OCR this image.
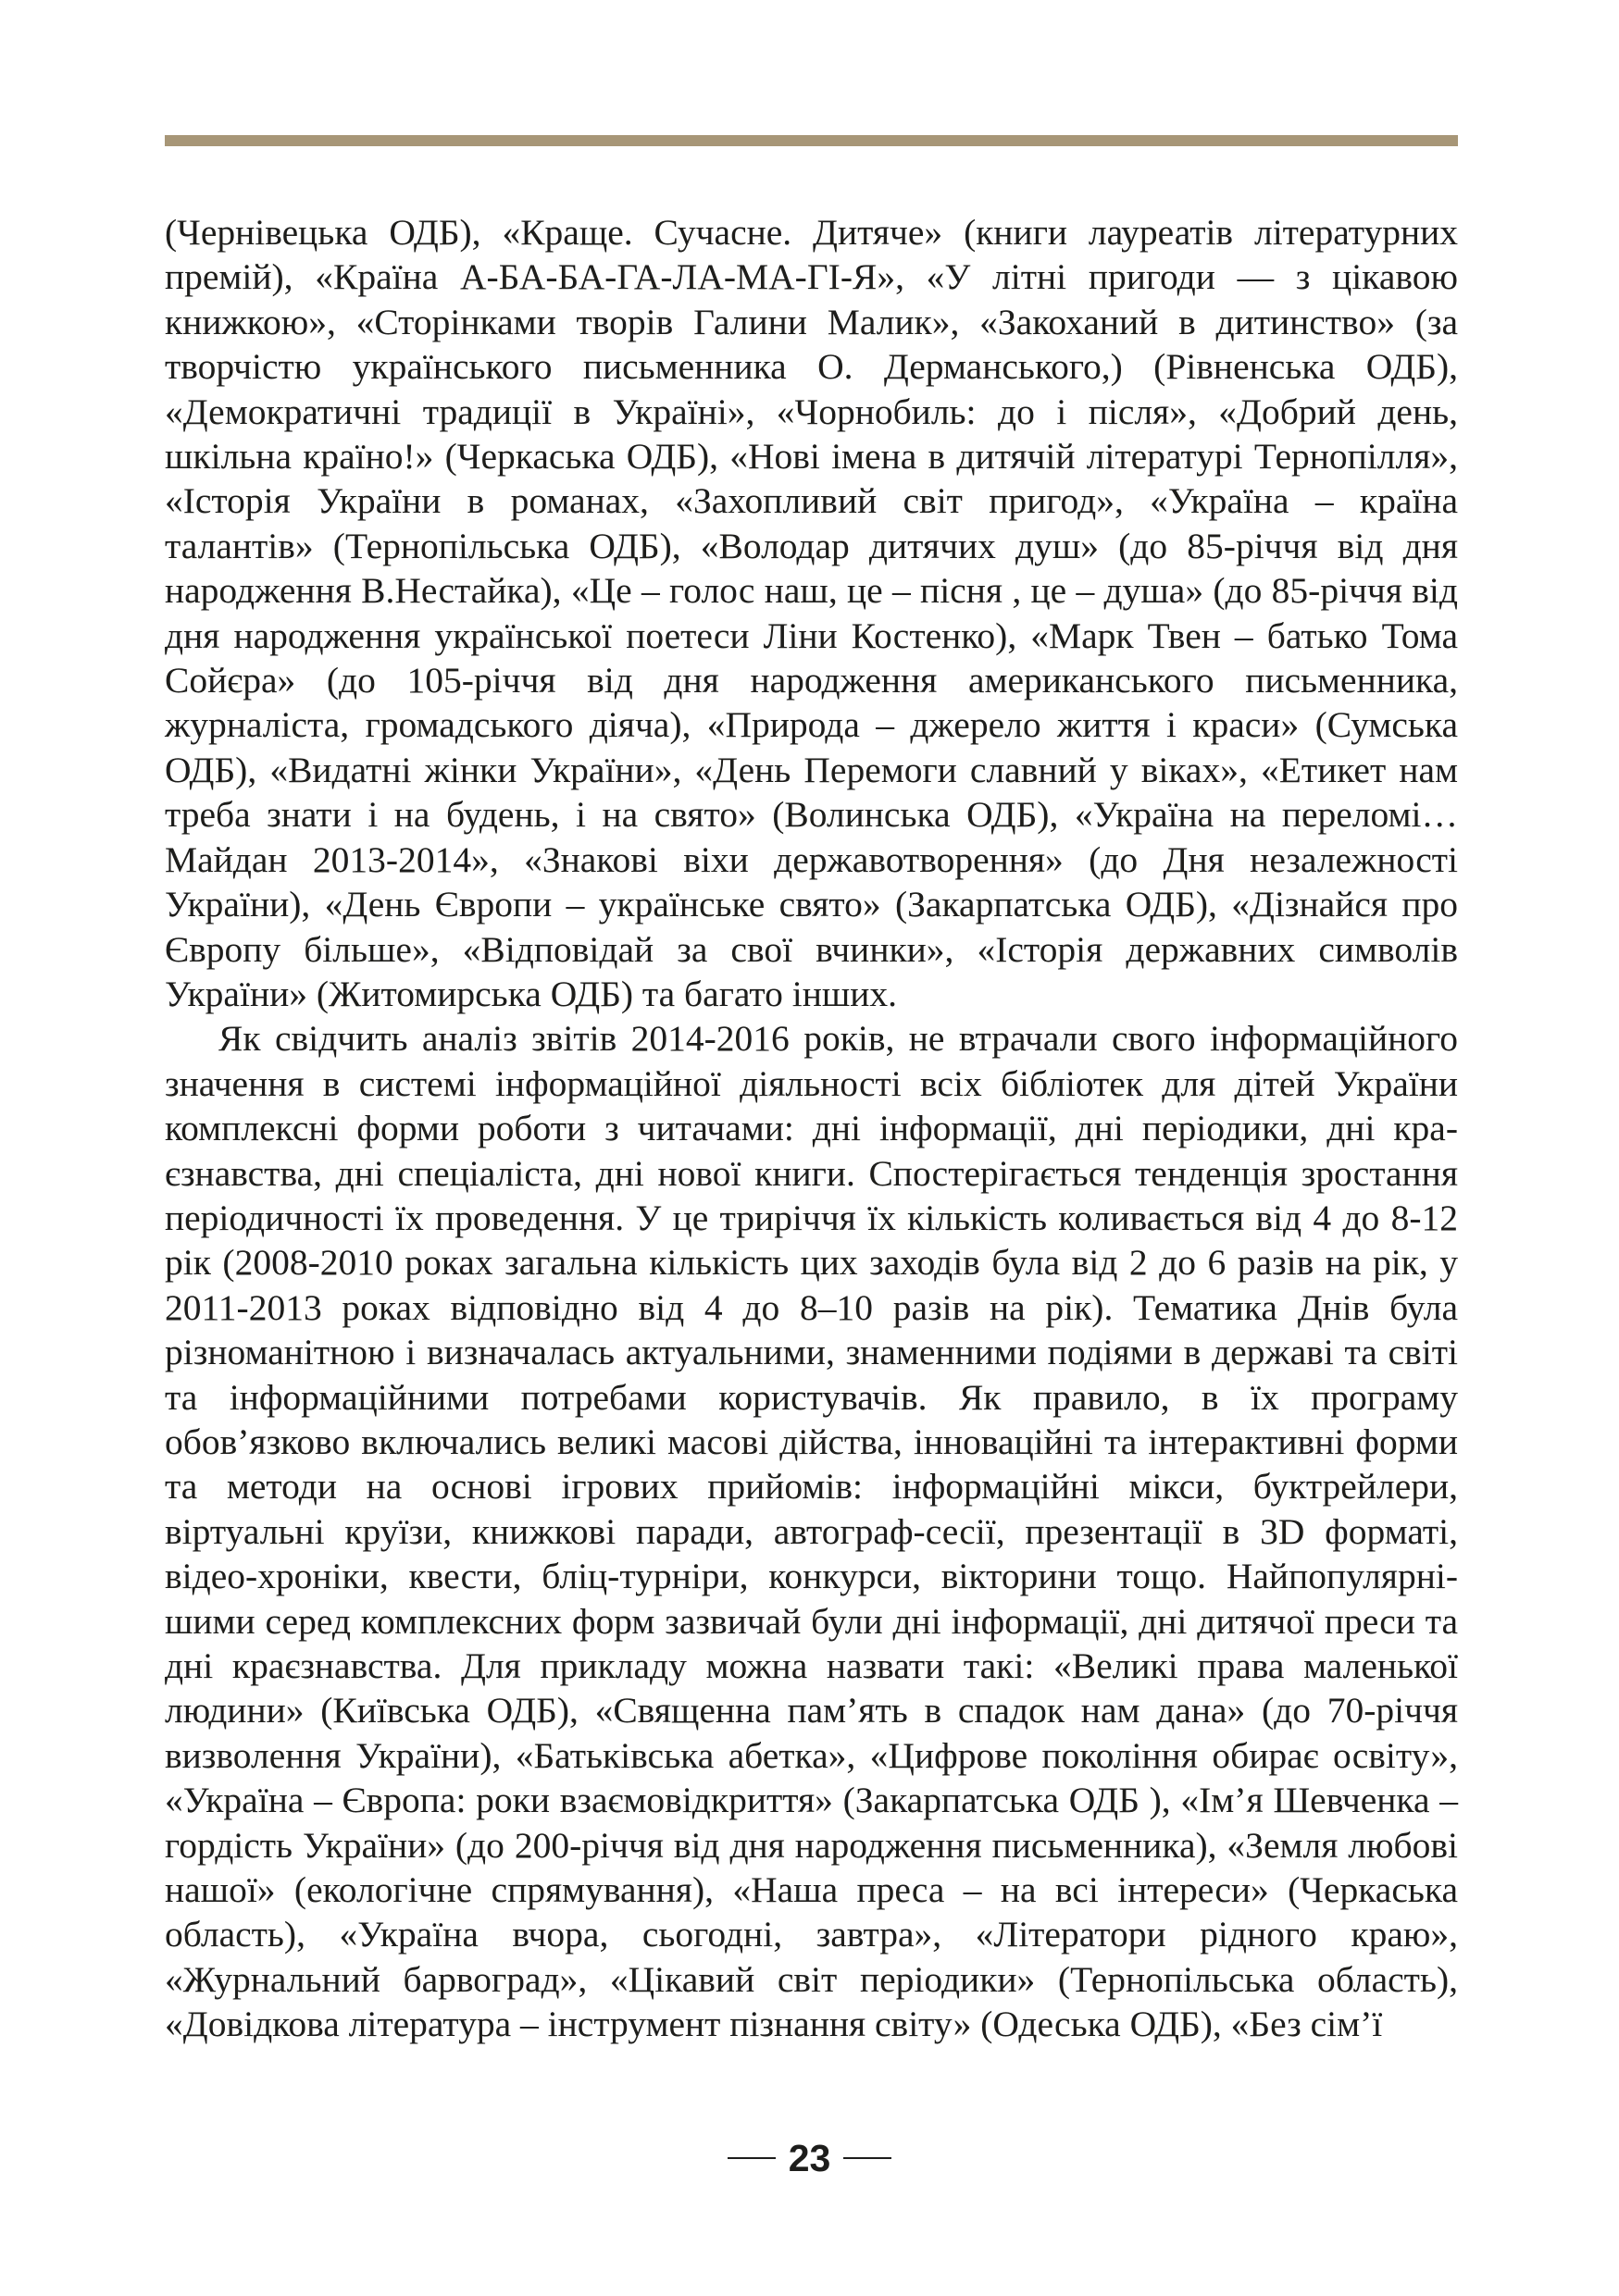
(Чернівецька ОДБ), «Краще. Сучасне. Дитяче» (книги лауреатів літературних премій), «Країна А-БА-БА-ГА-ЛА-МА-ГІ-Я», «У літні пригоди — з цікавою книжкою», «Сторінками творів Галини Малик», «Закоханий в дитинство» (за творчістю українського письменника О. Дерманського,) (Рівненська ОДБ), «Демократичні традиції в Україні», «Чорнобиль: до і після», «Добрий день, шкільна країно!» (Черкаська ОДБ), «Нові імена в дитячій літературі Тернопілля», «Історія України в романах, «Захопливий світ пригод», «Україна – країна талантів» (Тернопільська ОДБ), «Володар дитячих душ» (до 85-річчя від дня народження В.Нестайка), «Це – голос наш, це – пісня , це – душа» (до 85-річчя від дня народження української поетеси Ліни Костенко), «Марк Твен – батько Тома Сойєра» (до 105-річчя від дня народження американського письменника, журналіста, громадського діяча), «Природа – джерело життя і краси» (Сумська ОДБ), «Видатні жінки України», «День Перемоги славний у віках», «Етикет нам треба знати і на будень, і на свято» (Волинська ОДБ), «Україна на переломі… Майдан 2013-2014», «Знакові віхи державотворення» (до Дня незалежності України), «День Європи – українське свято» (Закарпатська ОДБ), «Дізнайся про Європу більше», «Відповідай за свої вчинки», «Історія державних символів України» (Житомирська ОДБ) та багато інших.

Як свідчить аналіз звітів 2014-2016 років, не втрачали свого інформаційного значення в системі інформаційної діяльності всіх бібліотек для дітей України комплексні форми роботи з читачами: дні інформації, дні періодики, дні краєзнавства, дні спеціаліста, дні нової книги. Спостерігається тенденція зростання періодичності їх проведення. У це триріччя їх кількість коливається від 4 до 8-12 рік (2008-2010 роках загальна кількість цих заходів була від 2 до 6 разів на рік, у 2011-2013 роках відповідно від 4 до 8–10 разів на рік). Тематика Днів була різноманітною і визначалась актуальними, знаменними подіями в державі та світі та інформаційними потребами користувачів. Як правило, в їх програму обов’язково включались великі масові дійства, інноваційні та інтерактивні форми та методи на основі ігрових прийомів: інформаційні мікси, буктрейлери, віртуальні круїзи, книжкові паради, автограф-сесії, презентації в 3D форматі, відео-хроніки, квести, бліц-турніри, конкурси, вікторини тощо. Найпопулярнішими серед комплексних форм зазвичай були дні інформації, дні дитячої преси та дні краєзнавства. Для прикладу можна назвати такі: «Великі права маленької людини» (Київська ОДБ), «Священна пам’ять в спадок нам дана» (до 70-річчя визволення України), «Батьківська абетка», «Цифрове покоління обирає освіту», «Україна – Європа: роки взаємовідкриття» (Закарпатська ОДБ ), «Ім’я Шевченка – гордість України» (до 200-річчя від дня народження письменника), «Земля любові нашої» (екологічне спрямування), «Наша преса – на всі інтереси» (Черкаська область), «Україна вчора, сьогодні, завтра», «Літератори рідного краю», «Журнальний барвоград», «Цікавий світ періодики» (Тернопільська область), «Довідкова література – інструмент пізнання світу» (Одеська ОДБ), «Без сім’ї

23
